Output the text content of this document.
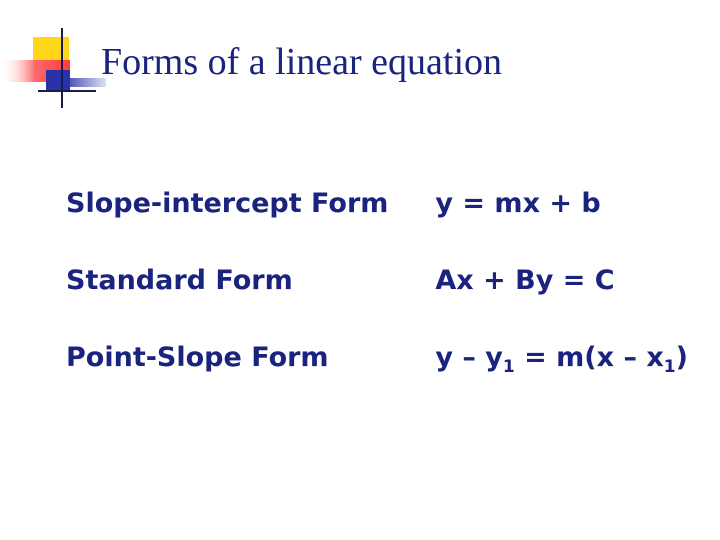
Forms of a linear equation
Slope-intercept Form y = mx + b
Standard Form	Ax + By = C
Point-Slope Form	$y - y_1 = m(x - x_1)$
